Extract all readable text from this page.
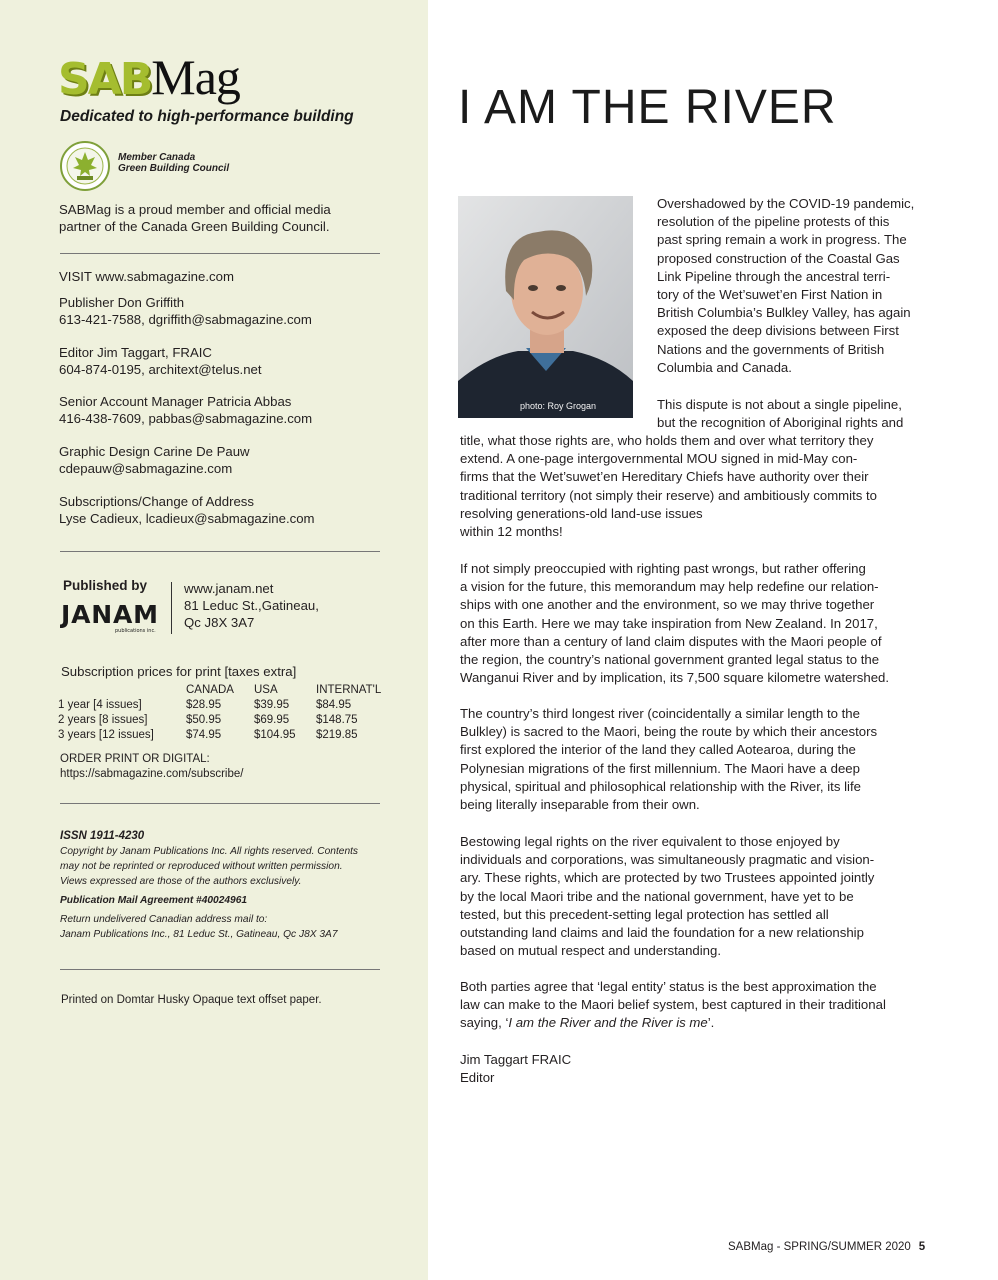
SABMag
Dedicated to high-performance building
Member Canada
Green Building Council
SABMag is a proud member and official media
partner of the Canada Green Building Council.
VISIT www.sabmagazine.com
Publisher Don Griffith
613-421-7588, dgriffith@sabmagazine.com
Editor Jim Taggart, FRAIC
604-874-0195, architext@telus.net
Senior Account Manager Patricia Abbas
416-438-7609, pabbas@sabmagazine.com
Graphic Design Carine De Pauw
cdepauw@sabmagazine.com
Subscriptions/Change of Address
Lyse Cadieux, lcadieux@sabmagazine.com
Published by
JANAM
publications inc.
www.janam.net
81 Leduc St.,Gatineau,
Qc J8X 3A7
Subscription prices for print [taxes extra]
	CANADA	USA	INTERNAT'L
1 year [4 issues]	$28.95	$39.95	$84.95
2 years [8 issues]	$50.95	$69.95	$148.75
3 years [12 issues]	$74.95	$104.95	$219.85
ORDER PRINT OR DIGITAL:
https://sabmagazine.com/subscribe/

ISSN 1911-4230

Copyright by Janam Publications Inc. All rights reserved. Contents

may not be reprinted or reproduced without written permission.

Views expressed are those of the authors exclusively.

Publication Mail Agreement #40024961

Return undelivered Canadian address mail to:

Janam Publications Inc., 81 Leduc St., Gatineau, Qc J8X 3A7

Printed on Domtar Husky Opaque text offset paper.
I AM THE RIVER
photo: Roy Grogan
Overshadowed by the COVID-19 pandemic,
resolution of the pipeline protests of this
past spring remain a work in progress. The
proposed construction of the Coastal Gas
Link Pipeline through the ancestral terri-
tory of the Wet’suwet’en First Nation in
British Columbia’s Bulkley Valley, has again
exposed the deep divisions between First
Nations and the governments of British
Columbia and Canada.
This dispute is not about a single pipeline,
but the recognition of Aboriginal rights and
title, what those rights are, who holds them and over what territory they
extend. A one-page intergovernmental MOU signed in mid-May con-
firms that the Wet’suwet’en Hereditary Chiefs have authority over their
traditional territory (not simply their reserve) and ambitiously commits to
resolving generations-old land-use issues
within 12 months!
If not simply preoccupied with righting past wrongs, but rather offering
a vision for the future, this memorandum may help redefine our relation-
ships with one another and the environment, so we may thrive together
on this Earth. Here we may take inspiration from New Zealand. In 2017,
after more than a century of land claim disputes with the Maori people of
the region, the country’s national government granted legal status to the
Wanganui River and by implication, its 7,500 square kilometre watershed.
The country’s third longest river (coincidentally a similar length to the
Bulkley) is sacred to the Maori, being the route by which their ancestors
first explored the interior of the land they called Aotearoa, during the
Polynesian migrations of the first millennium. The Maori have a deep
physical, spiritual and philosophical relationship with the River, its life
being literally inseparable from their own.
Bestowing legal rights on the river equivalent to those enjoyed by
individuals and corporations, was simultaneously pragmatic and vision-
ary. These rights, which are protected by two Trustees appointed jointly
by the local Maori tribe and the national government, have yet to be
tested, but this precedent-setting legal protection has settled all
outstanding land claims and laid the foundation for a new relationship
based on mutual respect and understanding.
Both parties agree that ‘legal entity’ status is the best approximation the
law can make to the Maori belief system, best captured in their traditional
saying, ‘I am the River and the River is me’.
Jim Taggart FRAIC
Editor
SABMag - SPRING/SUMMER 2020 5
